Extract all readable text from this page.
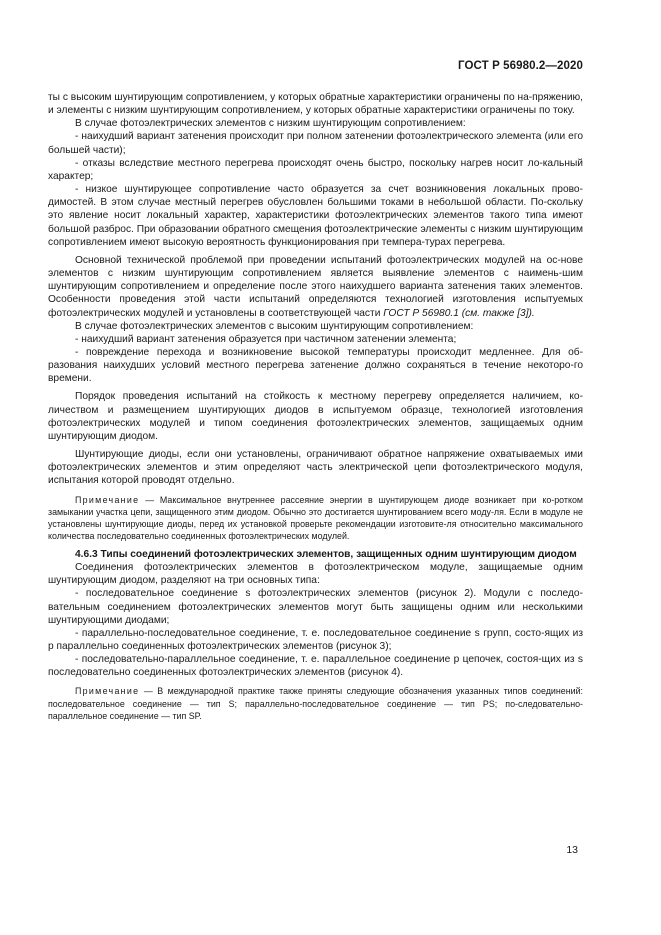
ГОСТ Р 56980.2—2020

ты с высоким шунтирующим сопротивлением, у которых обратные характеристики ограничены по на-пряжению, и элементы с низким шунтирующим сопротивлением, у которых обратные характеристики ограничены по току.

В случае фотоэлектрических элементов с низким шунтирующим сопротивлением:

- наихудший вариант затенения происходит при полном затенении фотоэлектрического элемента (или его большей части);

- отказы вследствие местного перегрева происходят очень быстро, поскольку нагрев носит ло-кальный характер;

- низкое шунтирующее сопротивление часто образуется за счет возникновения локальных прово-димостей. В этом случае местный перегрев обусловлен большими токами в небольшой области. По-скольку это явление носит локальный характер, характеристики фотоэлектрических элементов такого типа имеют большой разброс. При образовании обратного смещения фотоэлектрические элементы с низким шунтирующим сопротивлением имеют высокую вероятность функционирования при темпера-турах перегрева.

Основной технической проблемой при проведении испытаний фотоэлектрических модулей на ос-нове элементов с низким шунтирующим сопротивлением является выявление элементов с наимень-шим шунтирующим сопротивлением и определение после этого наихудшего варианта затенения таких элементов. Особенности проведения этой части испытаний определяются технологией изготовления испытуемых фотоэлектрических модулей и установлены в соответствующей части ГОСТ Р 56980.1 (см. также [3]).

В случае фотоэлектрических элементов с высоким шунтирующим сопротивлением:

- наихудший вариант затенения образуется при частичном затенении элемента;

- повреждение перехода и возникновение высокой температуры происходит медленнее. Для об-разования наихудших условий местного перегрева затенение должно сохраняться в течение некоторо-го времени.

Порядок проведения испытаний на стойкость к местному перегреву определяется наличием, ко-личеством и размещением шунтирующих диодов в испытуемом образце, технологией изготовления фотоэлектрических модулей и типом соединения фотоэлектрических элементов, защищаемых одним шунтирующим диодом.

Шунтирующие диоды, если они установлены, ограничивают обратное напряжение охватываемых ими фотоэлектрических элементов и этим определяют часть электрической цепи фотоэлектрического модуля, испытания которой проводят отдельно.

Примечание — Максимальное внутреннее рассеяние энергии в шунтирующем диоде возникает при ко-ротком замыкании участка цепи, защищенного этим диодом. Обычно это достигается шунтированием всего моду-ля. Если в модуле не установлены шунтирующие диоды, перед их установкой проверьте рекомендации изготовите-ля относительно максимального количества последовательно соединенных фотоэлектрических модулей.

4.6.3 Типы соединений фотоэлектрических элементов, защищенных одним шунтирующим диодом

Соединения фотоэлектрических элементов в фотоэлектрическом модуле, защищаемые одним шунтирующим диодом, разделяют на три основных типа:

- последовательное соединение s фотоэлектрических элементов (рисунок 2). Модули с последо-вательным соединением фотоэлектрических элементов могут быть защищены одним или несколькими шунтирующими диодами;

- параллельно-последовательное соединение, т. е. последовательное соединение s групп, состо-ящих из p параллельно соединенных фотоэлектрических элементов (рисунок 3);

- последовательно-параллельное соединение, т. е. параллельное соединение p цепочек, состоя-щих из s последовательно соединенных фотоэлектрических элементов (рисунок 4).

Примечание — В международной практике также приняты следующие обозначения указанных типов соединений: последовательное соединение — тип S; параллельно-последовательное соединение — тип PS; по-следовательно-параллельное соединение — тип SP.

13
